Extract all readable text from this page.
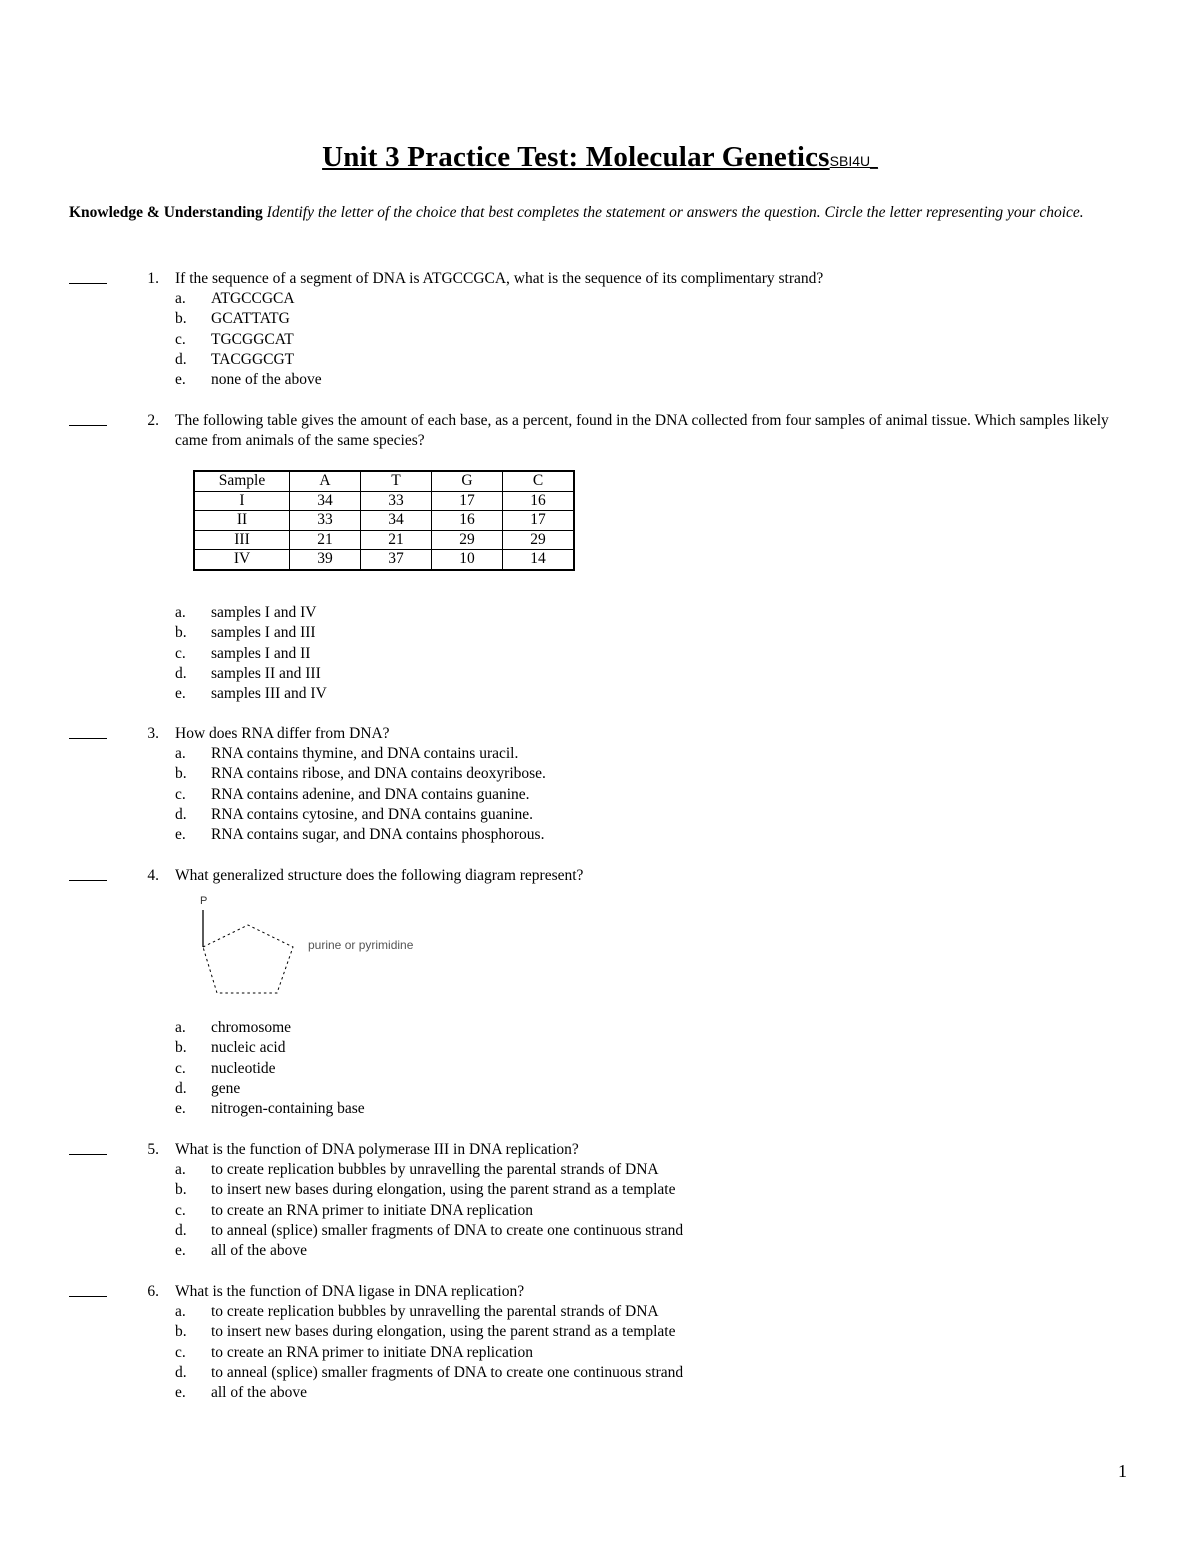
Unit 3 Practice Test: Molecular GeneticsSBI4U_
Knowledge & Understanding Identify the letter of the choice that best completes the statement or answers the question. Circle the letter representing your choice.
1. If the sequence of a segment of DNA is ATGCCGCA, what is the sequence of its complimentary strand?
a. ATGCCGCA
b. GCATTATG
c. TGCGGCAT
d. TACGGCGT
e. none of the above
2. The following table gives the amount of each base, as a percent, found in the DNA collected from four samples of animal tissue. Which samples likely came from animals of the same species?
Sample	A	T	G	C
I	34	33	17	16
II	33	34	16	17
III	21	21	29	29
IV	39	37	10	14
a. samples I and IV
b. samples I and III
c. samples I and II
d. samples II and III
e. samples III and IV
3. How does RNA differ from DNA?
a. RNA contains thymine, and DNA contains uracil.
b. RNA contains ribose, and DNA contains deoxyribose.
c. RNA contains adenine, and DNA contains guanine.
d. RNA contains cytosine, and DNA contains guanine.
e. RNA contains sugar, and DNA contains phosphorous.
4. What generalized structure does the following diagram represent?
P
purine or pyrimidine
a. chromosome
b. nucleic acid
c. nucleotide
d. gene
e. nitrogen-containing base
5. What is the function of DNA polymerase III in DNA replication?
a. to create replication bubbles by unravelling the parental strands of DNA
b. to insert new bases during elongation, using the parent strand as a template
c. to create an RNA primer to initiate DNA replication
d. to anneal (splice) smaller fragments of DNA to create one continuous strand
e. all of the above
6. What is the function of DNA ligase in DNA replication?
a. to create replication bubbles by unravelling the parental strands of DNA
b. to insert new bases during elongation, using the parent strand as a template
c. to create an RNA primer to initiate DNA replication
d. to anneal (splice) smaller fragments of DNA to create one continuous strand
e. all of the above
1
